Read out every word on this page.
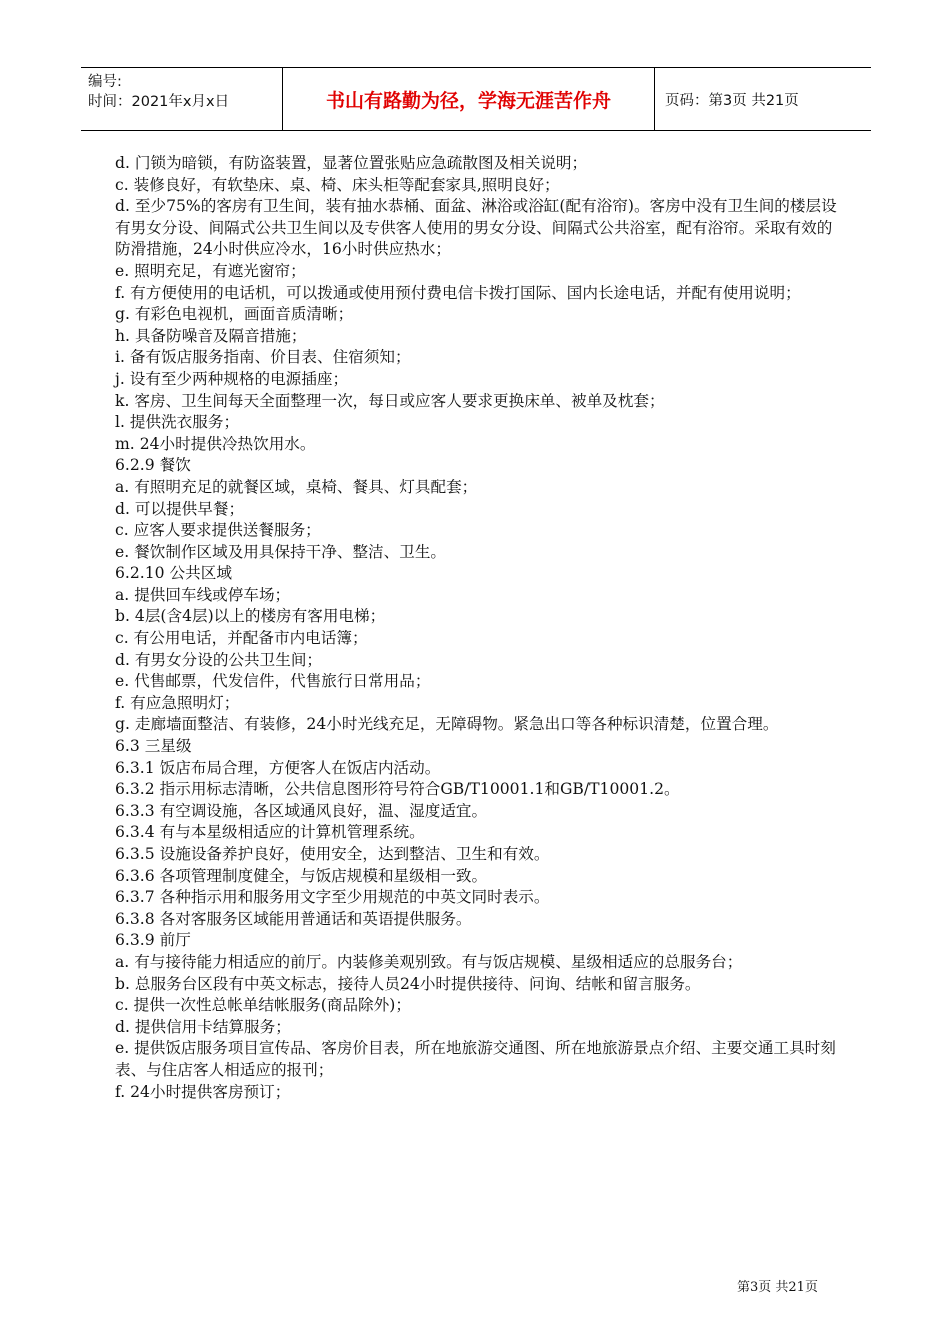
编号:
时间：2021年x月x日	书山有路勤为径，学海无涯苦作舟	页码：第3页 共21页

d. 门锁为暗锁，有防盗装置，显著位置张贴应急疏散图及相关说明；

c. 装修良好，有软垫床、桌、椅、床头柜等配套家具,照明良好；

d. 至少75%的客房有卫生间，装有抽水恭桶、面盆、淋浴或浴缸(配有浴帘)。客房中没有卫生间的楼层设有男女分设、间隔式公共卫生间以及专供客人使用的男女分设、间隔式公共浴室，配有浴帘。采取有效的防滑措施，24小时供应冷水，16小时供应热水；

e. 照明充足，有遮光窗帘；

f. 有方便使用的电话机，可以拨通或使用预付费电信卡拨打国际、国内长途电话，并配有使用说明；

g. 有彩色电视机，画面音质清晰；

h. 具备防噪音及隔音措施；

i. 备有饭店服务指南、价目表、住宿须知；

j. 设有至少两种规格的电源插座；

k. 客房、卫生间每天全面整理一次，每日或应客人要求更换床单、被单及枕套；

l. 提供洗衣服务；

m. 24小时提供冷热饮用水。

6.2.9 餐饮

a. 有照明充足的就餐区域，桌椅、餐具、灯具配套；

d. 可以提供早餐；

c. 应客人要求提供送餐服务；

e. 餐饮制作区域及用具保持干净、整洁、卫生。

6.2.10 公共区域

a. 提供回车线或停车场；

b. 4层(含4层)以上的楼房有客用电梯；

c. 有公用电话，并配备市内电话簿；

d. 有男女分设的公共卫生间；

e. 代售邮票，代发信件，代售旅行日常用品；

f. 有应急照明灯；

g. 走廊墙面整洁、有装修，24小时光线充足，无障碍物。紧急出口等各种标识清楚，位置合理。

6.3 三星级

6.3.1 饭店布局合理，方便客人在饭店内活动。

6.3.2 指示用标志清晰，公共信息图形符号符合GB/T10001.1和GB/T10001.2。

6.3.3 有空调设施，各区域通风良好，温、湿度适宜。

6.3.4 有与本星级相适应的计算机管理系统。

6.3.5 设施设备养护良好，使用安全，达到整洁、卫生和有效。

6.3.6 各项管理制度健全，与饭店规模和星级相一致。

6.3.7 各种指示用和服务用文字至少用规范的中英文同时表示。

6.3.8 各对客服务区域能用普通话和英语提供服务。

6.3.9 前厅

a. 有与接待能力相适应的前厅。内装修美观别致。有与饭店规模、星级相适应的总服务台；

b. 总服务台区段有中英文标志，接待人员24小时提供接待、问询、结帐和留言服务。

c. 提供一次性总帐单结帐服务(商品除外)；

d. 提供信用卡结算服务；

e. 提供饭店服务项目宣传品、客房价目表，所在地旅游交通图、所在地旅游景点介绍、主要交通工具时刻表、与住店客人相适应的报刊；

f. 24小时提供客房预订；

第3页 共21页
